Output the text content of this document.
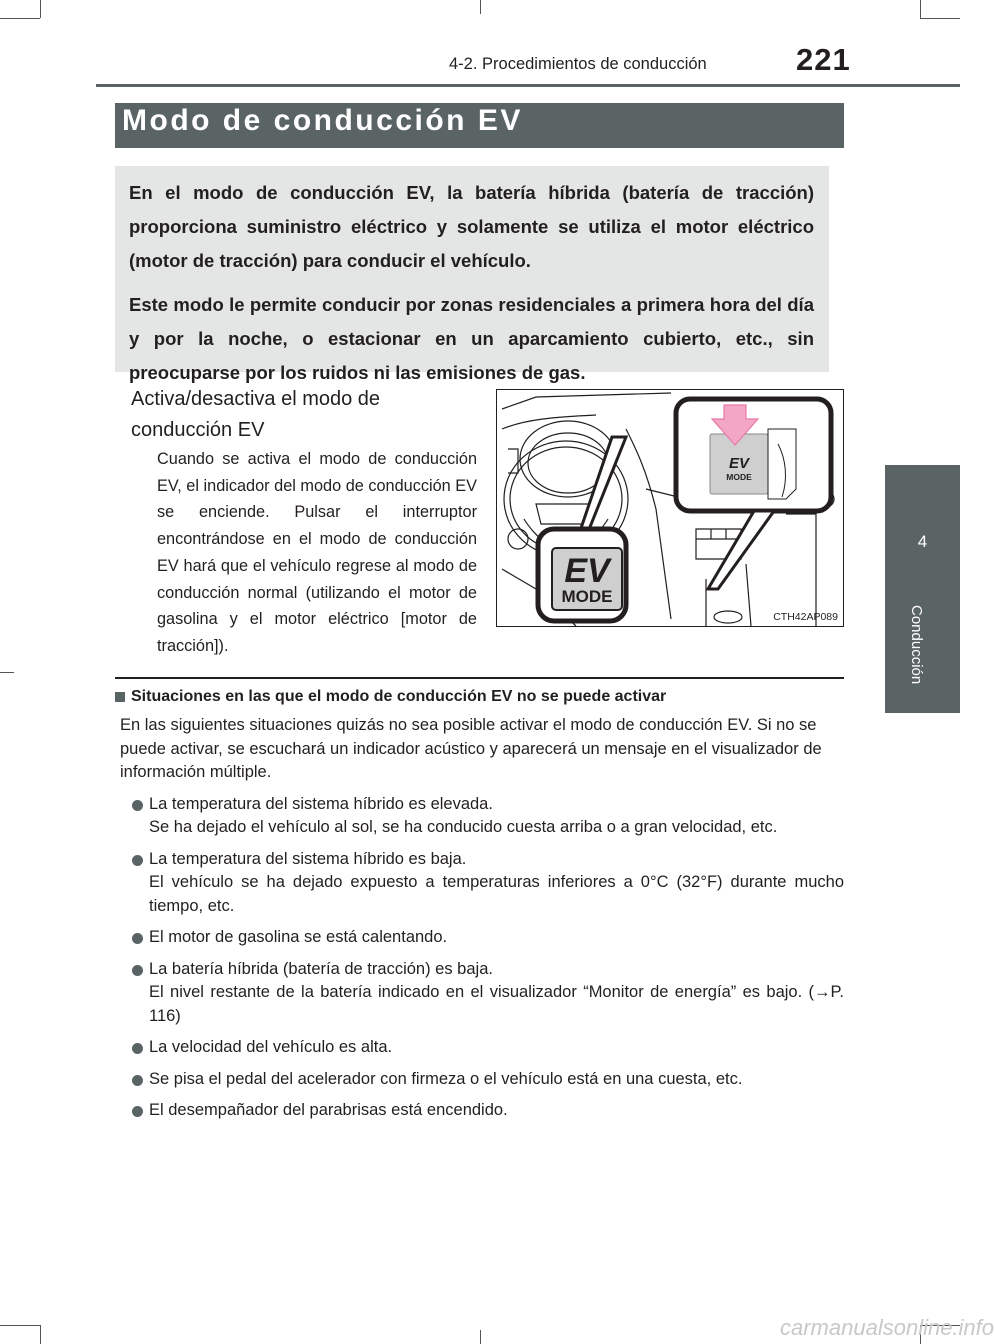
4-2. Procedimientos de conducción	221
4
Conducción
Modo de conducción EV

En el modo de conducción EV, la batería híbrida (batería de tracción) proporciona suministro eléctrico y solamente se utiliza el motor eléctrico (motor de tracción) para conducir el vehículo.

Este modo le permite conducir por zonas residenciales a primera hora del día y por la noche, o estacionar en un aparcamiento cubierto, etc., sin preocuparse por los ruidos ni las emisiones de gas.

Activa/desactiva el modo de conducción EV
Cuando se activa el modo de conducción EV, el indicador del modo de conducción EV se enciende. Pulsar el interruptor encontrándose en el modo de conducción EV hará que el vehículo regrese al modo de conducción normal (utilizando el motor de gasolina y el motor eléctrico [motor de tracción]).
EV
MODE
EV
MODE
CTH42AP089
Situaciones en las que el modo de conducción EV no se puede activar
En las siguientes situaciones quizás no sea posible activar el modo de conducción EV. Si no se puede activar, se escuchará un indicador acústico y aparecerá un mensaje en el visualizador de información múltiple.
La temperatura del sistema híbrido es elevada.
Se ha dejado el vehículo al sol, se ha conducido cuesta arriba o a gran velocidad, etc.
La temperatura del sistema híbrido es baja.
El vehículo se ha dejado expuesto a temperaturas inferiores a 0°C (32°F) durante mucho tiempo, etc.
El motor de gasolina se está calentando.
La batería híbrida (batería de tracción) es baja.
El nivel restante de la batería indicado en el visualizador “Monitor de energía” es bajo. (→P. 116)
La velocidad del vehículo es alta.
Se pisa el pedal del acelerador con firmeza o el vehículo está en una cuesta, etc.
El desempañador del parabrisas está encendido.
carmanualsonline.info
